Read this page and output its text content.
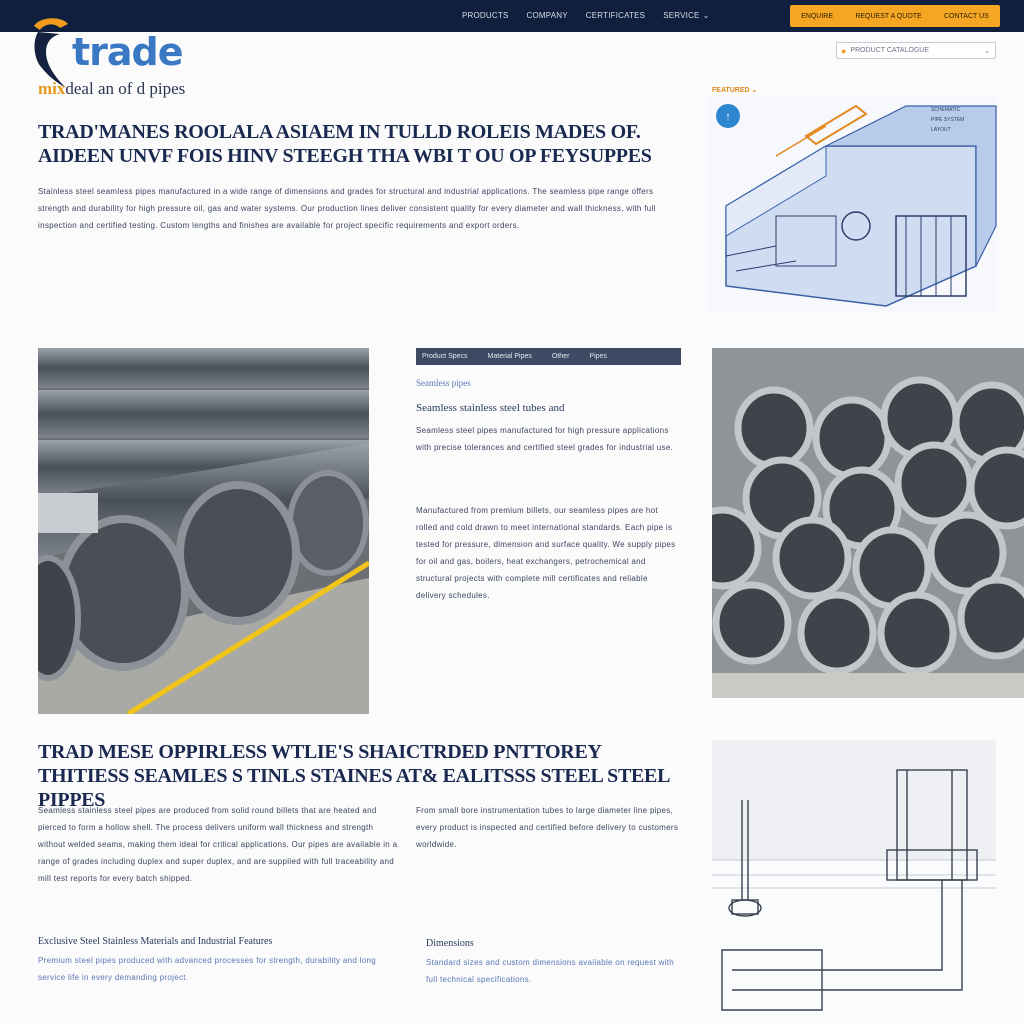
PRODUCTS COMPANY CERTIFICATES SERVICE ⌄	ENQUIRE	REQUEST A QUOTE	CONTACT US
trade
mixdeal an of d pipes
● PRODUCT CATALOGUE	⌄
TRAD'MANES ROOLALA ASIAEM IN TULLD ROLEIS MADES OF. AIDEEN UNVF FOIS HINV STEEGH THA WBI T OU OP FEYSUPPES
Stainless steel seamless pipes manufactured in a wide range of dimensions and grades for structural and industrial applications. The seamless pipe range offers strength and durability for high pressure oil, gas and water systems. Our production lines deliver consistent quality for every diameter and wall thickness, with full inspection and certified testing. Custom lengths and finishes are available for project specific requirements and export orders.
FEATURED ⌄
SCHEMATIC
PIPE SYSTEM
LAYOUT
↑
Product Specs	Material Pipes	Other	Pipes
Seamless pipes
Seamless stainless steel tubes and
Seamless steel pipes manufactured for high pressure applications with precise tolerances and certified steel grades for industrial use.
Manufactured from premium billets, our seamless pipes are hot rolled and cold drawn to meet international standards. Each pipe is tested for pressure, dimension and surface quality. We supply pipes for oil and gas, boilers, heat exchangers, petrochemical and structural projects with complete mill certificates and reliable delivery schedules.
TRAD MESE OPPIRLESS WTLIE'S SHAICTRDED PNTTOREY THITIESS SEAMLES S TINLS STAINES AT& EALITSSS STEEL STEEL PIPPES
Seamless stainless steel pipes are produced from solid round billets that are heated and pierced to form a hollow shell. The process delivers uniform wall thickness and strength without welded seams, making them ideal for critical applications. Our pipes are available in a range of grades including duplex and super duplex, and are supplied with full traceability and mill test reports for every batch shipped.
From small bore instrumentation tubes to large diameter line pipes, every product is inspected and certified before delivery to customers worldwide.
Exclusive Steel Stainless Materials and Industrial Features
Premium steel pipes produced with advanced processes for strength, durability and long service life in every demanding project.
Dimensions
Standard sizes and custom dimensions available on request with full technical specifications.
